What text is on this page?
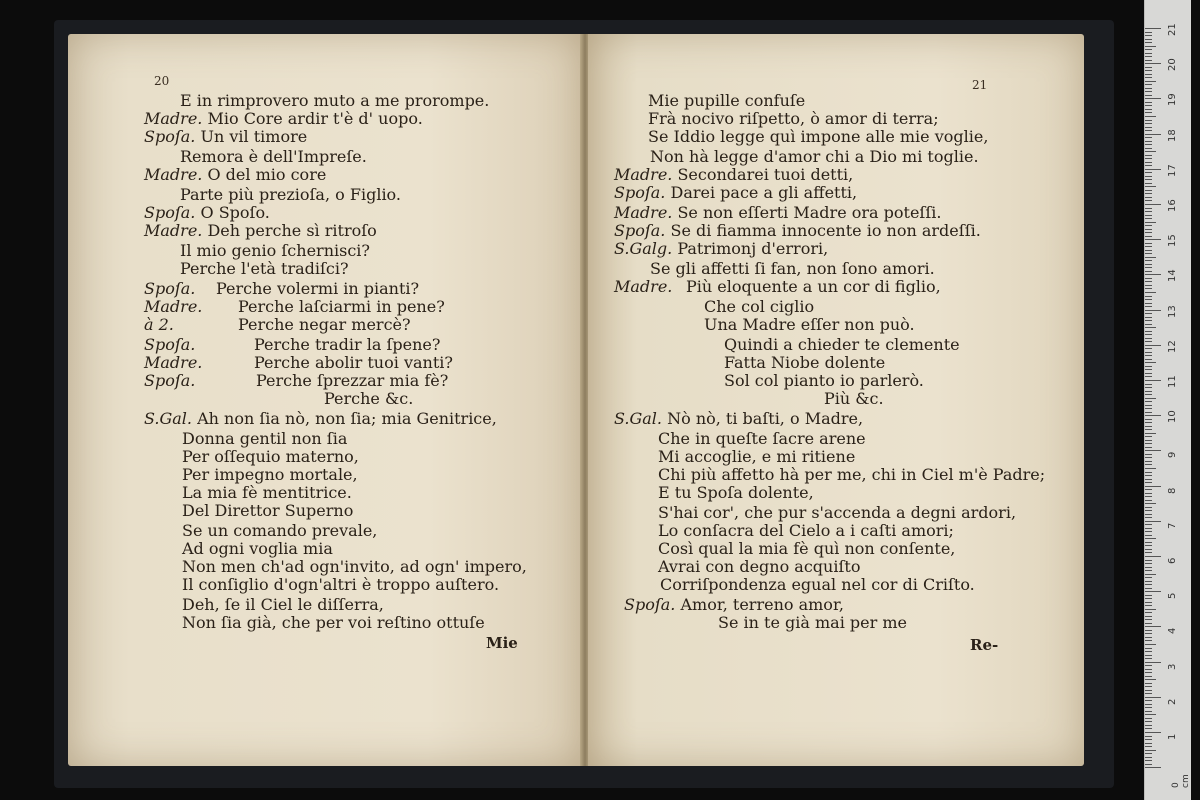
20
E in rimprovero muto a me prorompe.
Madre. Mio Core ardir t'è d' uopo.
Spoſa. Un vil timore
Remora è dell'Impreſe.
Madre. O del mio core
Parte più prezioſa, o Figlio.
Spoſa. O Spoſo.
Madre. Deh perche sì ritroſo
Il mio genio ſchernisci?
Perche l'età tradiſci?
Spoſa. Perche volermi in pianti?
Madre. Perche laſciarmi in pene?
à 2.	Perche negar mercè?
Spoſa.	Perche tradir la ſpene?
Madre.	Perche abolir tuoi vanti?
Spoſa.	Perche ſprezzar mia fè?
Perche &c.
S.Gal. Ah non ſia nò, non ſia; mia Genitrice,
Donna gentil non ſia
Per oſſequio materno,
Per impegno mortale,
La mia fè mentitrice.
Del Direttor Superno
Se un comando prevale,
Ad ogni voglia mia
Non men ch'ad ogn'invito, ad ogn' impero,
Il conſiglio d'ogn'altri è troppo auſtero.
Deh, ſe il Ciel le diſſerra,
Non ſia già, che per voi reſtino ottuſe
Mie
21
Mie pupille confuſe
Frà nocivo riſpetto, ò amor di terra;
Se Iddio legge quì impone alle mie voglie,
Non hà legge d'amor chi a Dio mi toglie.
Madre. Secondarei tuoi detti,
Spoſa. Darei pace a gli affetti,
Madre. Se non eſſerti Madre ora poteſſi.
Spoſa. Se di fiamma innocente io non ardeſſi.
S.Galg. Patrimonj d'errori,
Se gli affetti ſi fan, non ſono amori.
Madre. Più eloquente a un cor di figlio,
Che col ciglio
Una Madre eſſer non può.
Quindi a chieder te clemente
Fatta Niobe dolente
Sol col pianto io parlerò.
Più &c.
S.Gal. Nò nò, ti baſti, o Madre,
Che in queſte ſacre arene
Mi accoglie, e mi ritiene
Chi più affetto hà per me, chi in Ciel m'è Padre;
E tu Spoſa dolente,
S'hai cor', che pur s'accenda a degni ardori,
Lo conſacra del Cielo a i caſti amori;
Così qual la mia fè quì non conſente,
Avrai con degno acquiſto
Corriſpondenza egual nel cor di Criſto.
Spoſa. Amor, terreno amor,
Se in te già mai per me
Re-
0 cm
21
20
19
18
17
16
15
14
13
12
11
10
9
8
7
6
5
4
3
2
1
